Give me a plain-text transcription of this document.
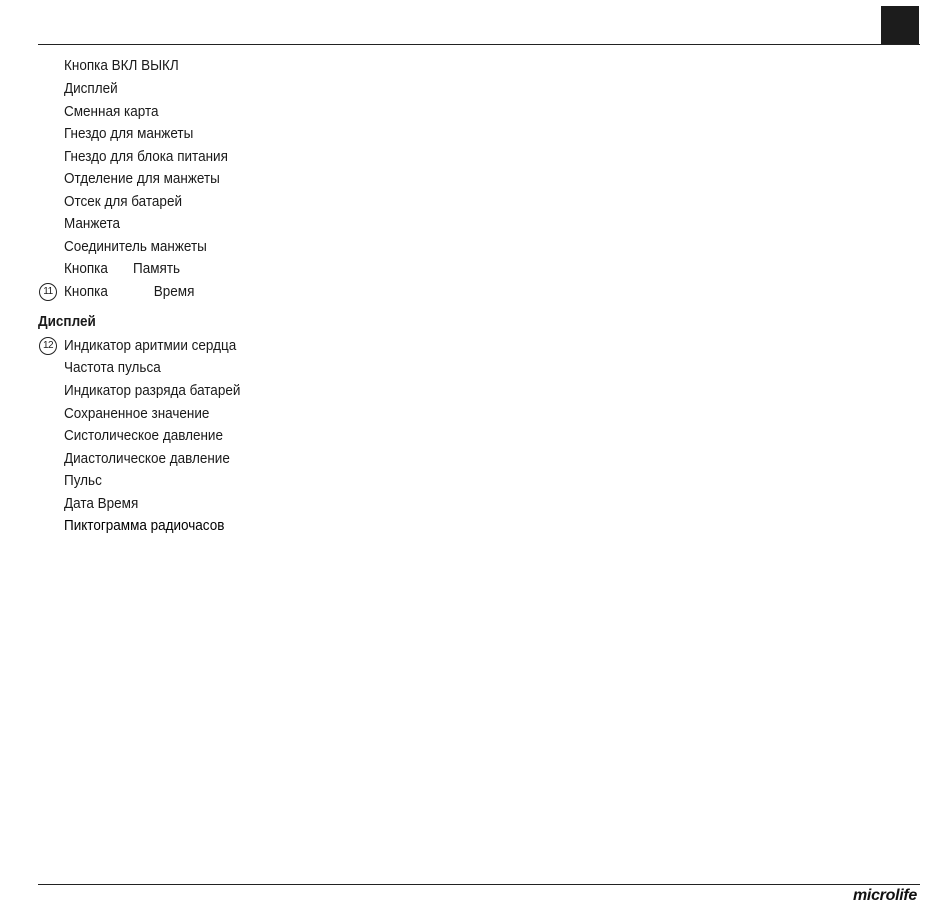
Кнопка ВКЛ ВЫКЛ
Дисплей
Сменная карта
Гнездо для манжеты
Гнездо для блока питания
Отделение для манжеты
Отсек для батарей
Манжета
Соединитель манжеты
Кнопка Память
11 Кнопка	Время
Дисплей
12 Индикатор аритмии сердца
Частота пульса
Индикатор разряда батарей
Сохраненное значение
Систолическое давление
Диастолическое давление
Пульс
Дата Время
Пиктограмма радиочасов
microlife
